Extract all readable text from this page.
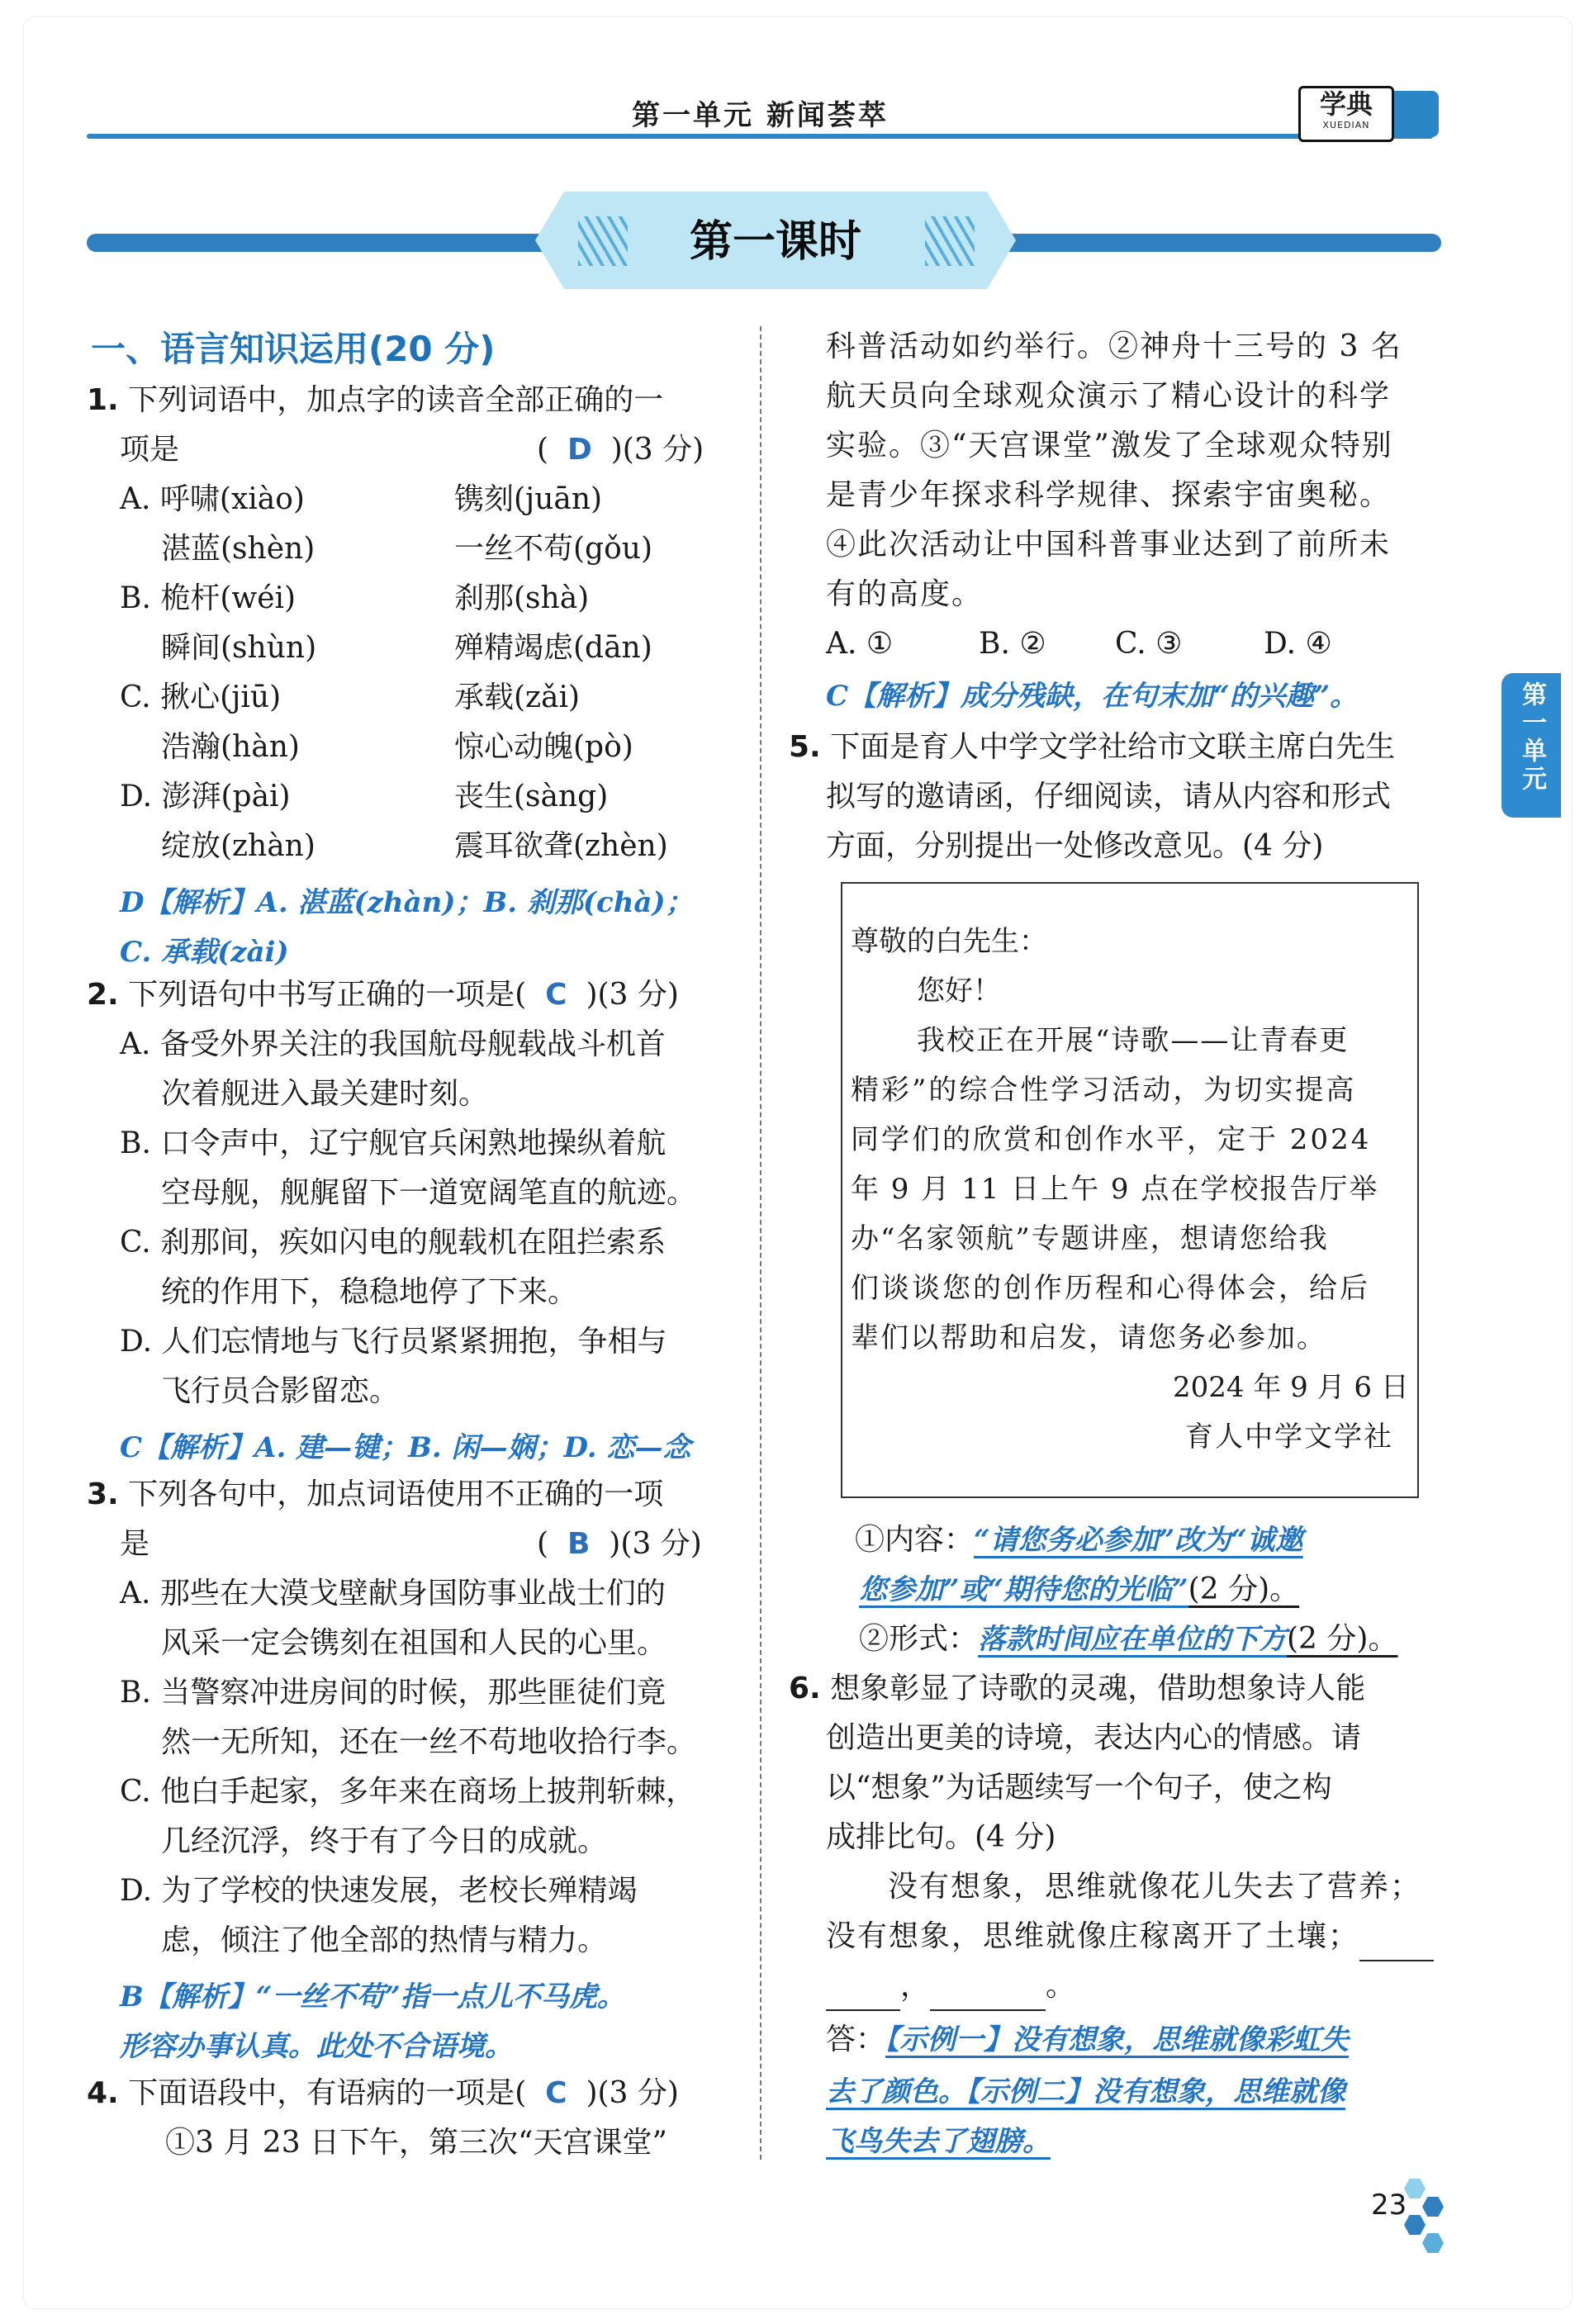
第一单元 新闻荟萃	学典
XUEDIAN
第一课时
第一单元
一、语言知识运用(20 分)
1. 下列词语中，加点字的读音全部正确的一
项是	(  D )(3 分)
A. 呼啸(xiào)	镌刻(juān)
湛蓝(shèn)	一丝不苟(gǒu)
B. 桅杆(wéi)	刹那(shà)
瞬间(shùn)	殚精竭虑(dān)
C. 揪心(jiū)	承载(zǎi)
浩瀚(hàn)	惊心动魄(pò)
D. 澎湃(pài)	丧生(sàng)
绽放(zhàn)	震耳欲聋(zhèn)
D【解析】A. 湛蓝(zhàn)；B. 刹那(chà)；
C. 承载(zài)
2. 下列语句中书写正确的一项是( C )(3 分)
A. 备受外界关注的我国航母舰载战斗机首
次着舰进入最关建时刻。
B. 口令声中，辽宁舰官兵闲熟地操纵着航
空母舰，舰艉留下一道宽阔笔直的航迹。
C. 刹那间，疾如闪电的舰载机在阻拦索系
统的作用下，稳稳地停了下来。
D. 人们忘情地与飞行员紧紧拥抱，争相与
飞行员合影留恋。
C【解析】A. 建—键；B. 闲—娴；D. 恋—念
3. 下列各句中，加点词语使用不正确的一项
是	(  B )(3 分)
A. 那些在大漠戈壁献身国防事业战士们的
风采一定会镌刻在祖国和人民的心里。
B. 当警察冲进房间的时候，那些匪徒们竟
然一无所知，还在一丝不苟地收拾行李。
C. 他白手起家，多年来在商场上披荆斩棘，
几经沉浮，终于有了今日的成就。
D. 为了学校的快速发展，老校长殚精竭
虑，倾注了他全部的热情与精力。
B【解析】“一丝不苟”指一点儿不马虎。
形容办事认真。此处不合语境。
4. 下面语段中，有语病的一项是( C )(3 分)
①3 月 23 日下午，第三次“天宫课堂”
科普活动如约举行。②神舟十三号的 3 名
航天员向全球观众演示了精心设计的科学
实验。③“天宫课堂”激发了全球观众特别
是青少年探求科学规律、探索宇宙奥秘。
④此次活动让中国科普事业达到了前所未
有的高度。
A. ①	B. ② C. ③	D. ④
C【解析】成分残缺，在句末加“的兴趣”。
5. 下面是育人中学文学社给市文联主席白先生
拟写的邀请函，仔细阅读，请从内容和形式
方面，分别提出一处修改意见。(4 分)
尊敬的白先生：
您好！
我校正在开展“诗歌——让青春更
精彩”的综合性学习活动，为切实提高
同学们的欣赏和创作水平，定于 2024
年 9 月 11 日上午 9 点在学校报告厅举
办“名家领航”专题讲座，想请您给我
们谈谈您的创作历程和心得体会，给后
辈们以帮助和启发，请您务必参加。
2024 年 9 月 6 日
育人中学文学社
①内容：“请您务必参加”改为“诚邀
您参加”或“期待您的光临”(2 分)。
②形式：落款时间应在单位的下方(2 分)。
6. 想象彰显了诗歌的灵魂，借助想象诗人能
创造出更美的诗境，表达内心的情感。请
以“想象”为话题续写一个句子，使之构
成排比句。(4 分)
没有想象，思维就像花儿失去了营养；
没有想象，思维就像庄稼离开了土壤；
，	。
答：【示例一】没有想象，思维就像彩虹失
去了颜色。【示例二】没有想象，思维就像
飞鸟失去了翅膀。
23
